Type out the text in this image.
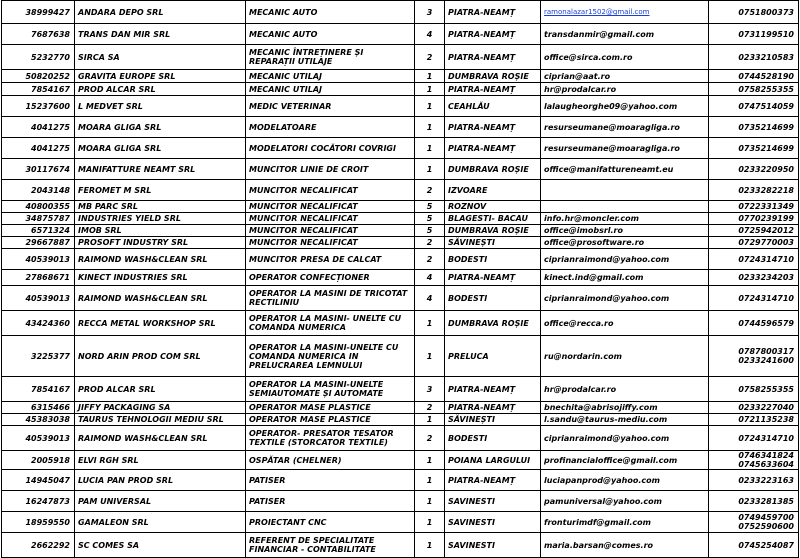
38999427	ANDARA DEPO SRL	MECANIC AUTO	3	PIATRA-NEAMȚ	ramonalazar1502@gmail.com	0751800373
7687638	TRANS DAN MIR SRL	MECANIC AUTO	4	PIATRA-NEAMȚ	transdanmir@gmail.com	0731199510
5232770	SIRCA SA	MECANIC ÎNTREȚINERE ȘI REPARAȚII UTILAJE	2	PIATRA-NEAMȚ	office@sirca.com.ro	0233210583
50820252	GRAVITA EUROPE SRL	MECANIC UTILAJ	1	DUMBRAVA ROȘIE	ciprian@aat.ro	0744528190
7854167	PROD ALCAR SRL	MECANIC UTILAJ	1	PIATRA-NEAMȚ	hr@prodalcar.ro	0758255355
15237600	L MEDVET SRL	MEDIC VETERINAR	1	CEAHLĂU	lalaugheorghe09@yahoo.com	0747514059
4041275	MOARA GLIGA SRL	MODELATOARE	1	PIATRA-NEAMȚ	resurseumane@moaragliga.ro	0735214699
4041275	MOARA GLIGA SRL	MODELATORI COCĂTORI COVRIGI	1	PIATRA-NEAMȚ	resurseumane@moaragliga.ro	0735214699
30117674	MANIFATTURE NEAMT SRL	MUNCITOR LINIE DE CROIT	1	DUMBRAVA ROȘIE	office@manifattureneamt.eu	0233220950
2043148	FEROMET M SRL	MUNCITOR NECALIFICAT	2	IZVOARE		0233282218
40800355	MB PARC SRL	MUNCITOR NECALIFICAT	5	ROZNOV		0722331349
34875787	INDUSTRIES YIELD SRL	MUNCITOR NECALIFICAT	5	BLAGESTI- BACAU	info.hr@moncler.com	0770239199
6571324	IMOB SRL	MUNCITOR NECALIFICAT	5	DUMBRAVA ROȘIE	office@imobsrl.ro	0725942012
29667887	PROSOFT INDUSTRY SRL	MUNCITOR NECALIFICAT	2	SĂVINEȘTI	office@prosoftware.ro	0729770003
40539013	RAIMOND WASH&CLEAN SRL	MUNCITOR PRESA DE CALCAT	2	BODESTI	ciprianraimond@yahoo.com	0724314710
27868671	KINECT INDUSTRIES SRL	OPERATOR CONFECȚIONER	4	PIATRA-NEAMȚ	kinect.ind@gmail.com	0233234203
40539013	RAIMOND WASH&CLEAN SRL	OPERATOR LA MASINI DE TRICOTAT RECTILINIU	4	BODESTI	ciprianraimond@yahoo.com	0724314710
43424360	RECCA METAL WORKSHOP SRL	OPERATOR LA MASINI- UNELTE CU COMANDA NUMERICA	1	DUMBRAVA ROȘIE	office@recca.ro	0744596579
3225377	NORD ARIN PROD COM SRL	OPERATOR LA MASINI-UNELTE CU COMANDA NUMERICA IN PRELUCRAREA LEMNULUI	1	PRELUCA	ru@nordarin.com	0787800317
0233241600

7854167	PROD ALCAR SRL	OPERATOR LA MASINI-UNELTE SEMIAUTOMATE ȘI AUTOMATE	3	PIATRA-NEAMȚ	hr@prodalcar.ro	0758255355
6315466	JIFFY PACKAGING SA	OPERATOR MASE PLASTICE	2	PIATRA-NEAMȚ	bnechita@abrisojiffy.com	0233227040
45383038	TAURUS TEHNOLOGII MEDIU SRL	OPERATOR MASE PLASTICE	1	SĂVINEȘTI	l.sandu@taurus-mediu.com	0721135238
40539013	RAIMOND WASH&CLEAN SRL	OPERATOR- PRESATOR TESATOR TEXTILE (STORCATOR TEXTILE)	2	BODESTI	ciprianraimond@yahoo.com	0724314710
2005918	ELVI RGH SRL	OSPĂTAR (CHELNER)	1	POIANA LARGULUI	profinancialoffice@gmail.com	0746341824
0745633604

14945047	LUCIA PAN PROD SRL	PATISER	1	PIATRA-NEAMȚ	luciapanprod@yahoo.com	0233223163
16247873	PAM UNIVERSAL	PATISER	1	SAVINESTI	pamuniversal@yahoo.com	0233281385
18959550	GAMALEON SRL	PROIECTANT CNC	1	SAVINESTI	fronturimdf@gmail.com	0749459700
0752590600

2662292	SC COMES SA	REFERENT DE SPECIALITATE FINANCIAR - CONTABILITATE	1	SAVINESTI	maria.barsan@comes.ro	0745254087
